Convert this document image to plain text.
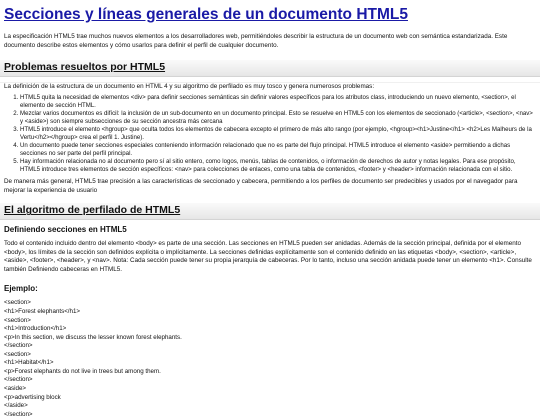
Secciones y líneas generales de un documento HTML5

La especificación HTML5 trae muchos nuevos elementos a los desarrolladores web, permitiéndoles describir la estructura de un documento web con semántica estandarizada. Este documento describe estos elementos y cómo usarlos para definir el perfil de cualquier documento.

Problemas resueltos por HTML5

La definición de la estructura de un documento en HTML 4 y su algoritmo de perfilado es muy tosco y genera numerosos problemas:

1. HTML5 quita la necesidad de elementos <div> para definir secciones semánticas sin definir valores específicos para los atributos class, introduciendo un nuevo elemento, <section>, el elemento de sección HTML.
2. Mezclar varios documentos es difícil: la inclusión de un sub-documento en un documento principal. Esto se resuelve en HTML5 con los elementos de seccionado (<article>, <section>, <nav> y <aside>) son siempre subsecciones de su sección ancestra más cercana
3. HTML5 introduce el elemento <hgroup> que oculta todos los elementos de cabecera excepto el primero de más alto rango (por ejemplo, <hgroup><h1>Justine</h1> <h2>Les Malheurs de la Vertu</h2></hgroup> crea el perfil 1. Justine).
4. Un documento puede tener secciones especiales conteniendo información relacionado que no es parte del flujo principal. HTML5 introduce el elemento <aside> permitiendo a dichas secciones no ser parte del perfil principal.
5. Hay información relacionada no al documento pero sí al sitio entero, como logos, menús, tablas de contenidos, o información de derechos de autor y notas legales. Para ese propósito, HTML5 introduce tres elementos de sección específicos: <nav> para colecciones de enlaces, como una tabla de contenidos, <footer> y <header> información relacionada con el sitio.

De manera más general, HTML5 trae precisión a las características de seccionado y cabecera, permitiendo a los perfiles de documento ser predecibles y usados por el navegador para mejorar la experiencia de usuario

El algoritmo de perfilado de HTML5
Definiendo secciones en HTML5

Todo el contenido incluido dentro del elemento <body> es parte de una sección. Las secciones en HTML5 pueden ser anidadas. Además de la sección principal, definida por el elemento <body>, los límites de la sección son definidos explícita o implícitamente. La secciones definidas explícitamente son el contenido definido en las etiquetas <body>, <section>, <article>, <aside>, <footer>, <header>, y <nav>. Nota: Cada sección puede tener su propia jerarquía de cabeceras. Por lo tanto, incluso una sección anidada puede tener un elemento <h1>. Consulte también Definiendo cabeceras en HTML5.

Ejemplo:
<section>
<h1>Forest elephants</h1>
<section>
<h1>Introduction</h1>
<p>In this section, we discuss the lesser known forest elephants.
</section>
<section>
<h1>Habitat</h1>
<p>Forest elephants do not live in trees but among them.
</section>
<aside>
<p>advertising block
</aside>
</section>
